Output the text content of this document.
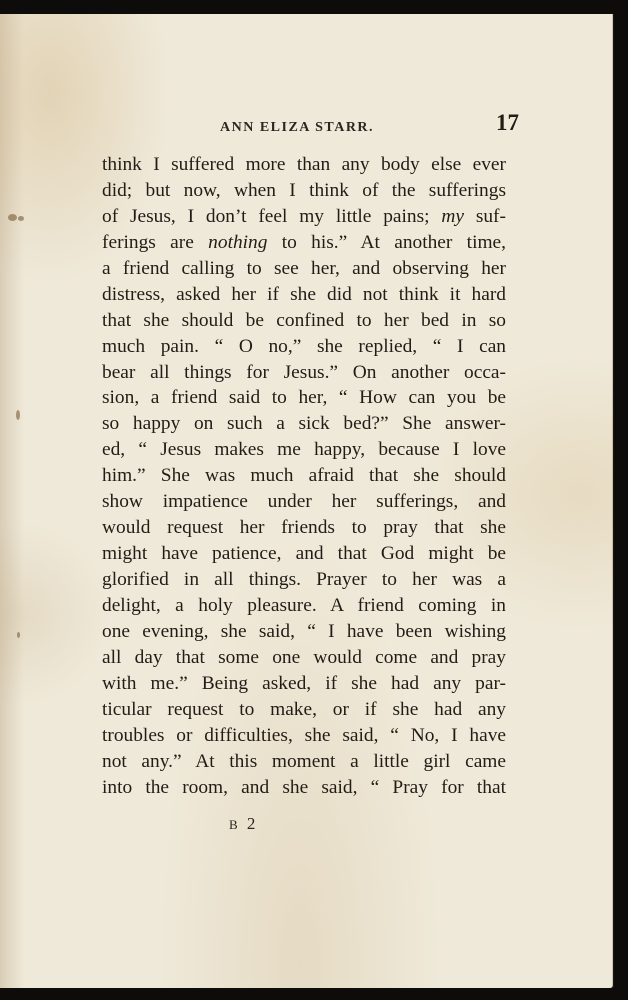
ANN ELIZA STARR.	17
think I suffered more than any body else ever
did; but now, when I think of the sufferings
of Jesus, I don’t feel my little pains; my suf-
ferings are nothing to his.” At another time,
a friend calling to see her, and observing her
distress, asked her if she did not think it hard
that she should be confined to her bed in so
much pain. “ O no,” she replied, “ I can
bear all things for Jesus.” On another occa-
sion, a friend said to her, “ How can you be
so happy on such a sick bed?” She answer-
ed, “ Jesus makes me happy, because I love
him.” She was much afraid that she should
show impatience under her sufferings, and
would request her friends to pray that she
might have patience, and that God might be
glorified in all things. Prayer to her was a
delight, a holy pleasure. A friend coming in
one evening, she said, “ I have been wishing
all day that some one would come and pray
with me.” Being asked, if she had any par-
ticular request to make, or if she had any
troubles or difficulties, she said, “ No, I have
not any.” At this moment a little girl came
into the room, and she said, “ Pray for that
B 2
